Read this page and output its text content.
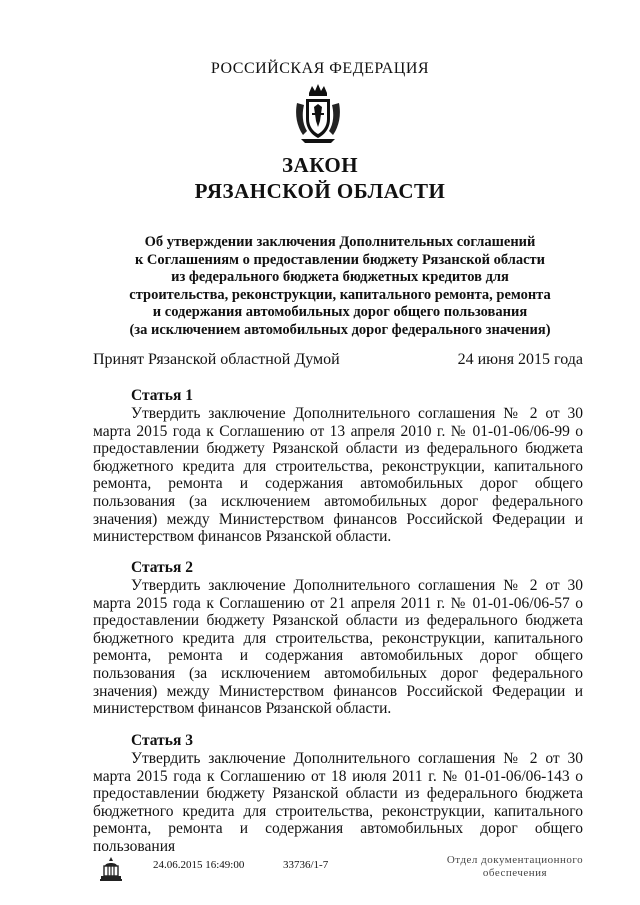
РОССИЙСКАЯ ФЕДЕРАЦИЯ
ЗАКОН
РЯЗАНСКОЙ ОБЛАСТИ
Об утверждении заключения Дополнительных соглашений
к Соглашениям о предоставлении бюджету Рязанской области
из федерального бюджета бюджетных кредитов для
строительства, реконструкции, капитального ремонта, ремонта
и содержания автомобильных дорог общего пользования
(за исключением автомобильных дорог федерального значения)
Принят Рязанской областной Думой	24 июня 2015 года
Статья 1

Утвердить заключение Дополнительного соглашения № 2 от 30 марта 2015 года к Соглашению от 13 апреля 2010 г. № 01-01-06/06-99 о предоставлении бюджету Рязанской области из федерального бюджета бюджетного кредита для строительства, реконструкции, капитального ремонта, ремонта и содержания автомобильных дорог общего пользования (за исключением автомобильных дорог федерального значения) между Министерством финансов Российской Федерации и министерством финансов Рязанской области.

Статья 2

Утвердить заключение Дополнительного соглашения № 2 от 30 марта 2015 года к Соглашению от 21 апреля 2011 г. № 01-01-06/06-57 о предоставлении бюджету Рязанской области из федерального бюджета бюджетного кредита для строительства, реконструкции, капитального ремонта, ремонта и содержания автомобильных дорог общего пользования (за исключением автомобильных дорог федерального значения) между Министерством финансов Российской Федерации и министерством финансов Рязанской области.

Статья 3

Утвердить заключение Дополнительного соглашения № 2 от 30 марта 2015 года к Соглашению от 18 июля 2011 г. № 01-01-06/06-143 о предоставлении бюджету Рязанской области из федерального бюджета бюджетного кредита для строительства, реконструкции, капитального ремонта, ремонта и содержания автомобильных дорог общего пользования

24.06.2015 16:49:00	33736/1-7	Отдел документационного
обеспечения
